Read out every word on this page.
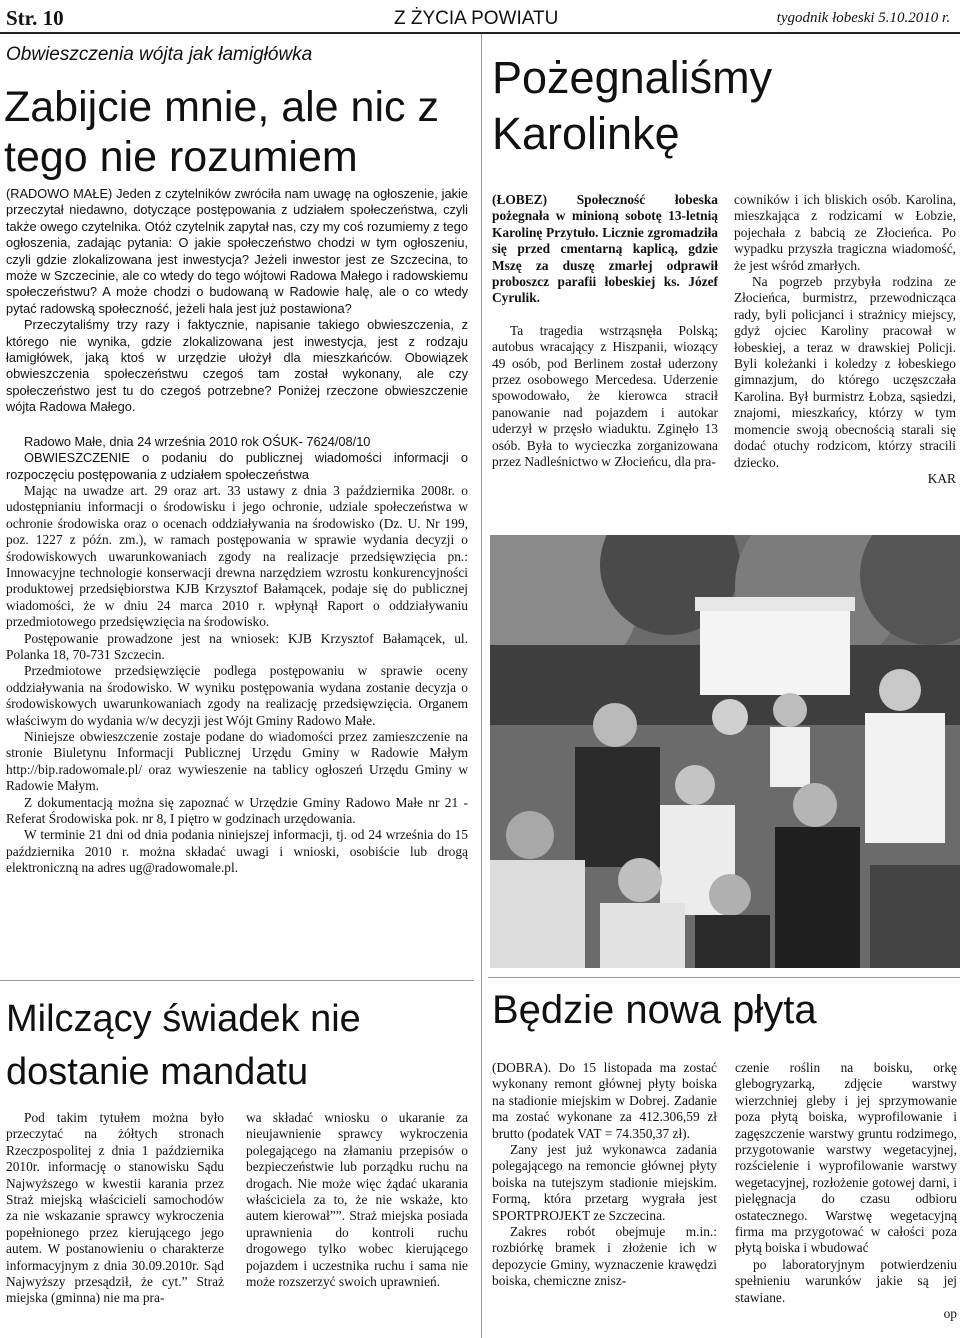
Str. 10	Z ŻYCIA POWIATU	tygodnik łobeski 5.10.2010 r.
Obwieszczenia wójta jak łamigłówka
Zabijcie mnie, ale nic z tego nie rozumiem

(RADOWO MAŁE) Jeden z czytelników zwróciła nam uwagę na ogłoszenie, jakie przeczytał niedawno, dotyczące postępowania z udziałem społeczeństwa, czyli także owego czytelnika. Otóż czytelnik zapytał nas, czy my coś rozumiemy z tego ogłoszenia, zadając pytania: O jakie społeczeństwo chodzi w tym ogłoszeniu, czyli gdzie zlokalizowana jest inwestycja? Jeżeli inwestor jest ze Szczecina, to może w Szczecinie, ale co wtedy do tego wójtowi Radowa Małego i radowskiemu społeczeństwu? A może chodzi o budowaną w Radowie halę, ale o co wtedy pytać radowską społeczność, jeżeli hala jest już postawiona?

Przeczytaliśmy trzy razy i faktycznie, napisanie takiego obwieszczenia, z którego nie wynika, gdzie zlokalizowana jest inwestycja, jest z rodzaju łamigłówek, jaką ktoś w urzędzie ułożył dla mieszkańców. Obowiązek obwieszczenia społeczeństwu czegoś tam został wykonany, ale czy społeczeństwo jest tu do czegoś potrzebne? Poniżej rzeczone obwieszczenie wójta Radowa Małego.

Radowo Małe, dnia 24 września 2010 rok OŚUK- 7624/08/10

OBWIESZCZENIE o podaniu do publicznej wiadomości informacji o rozpoczęciu postępowania z udziałem społeczeństwa

Mając na uwadze art. 29 oraz art. 33 ustawy z dnia 3 października 2008r. o udostępnianiu informacji o środowisku i jego ochronie, udziale społeczeństwa w ochronie środowiska oraz o ocenach oddziaływania na środowisko (Dz. U. Nr 199, poz. 1227 z późn. zm.), w ramach postępowania w sprawie wydania decyzji o środowiskowych uwarunkowaniach zgody na realizacje przedsięwzięcia pn.: Innowacyjne technologie konserwacji drewna narzędziem wzrostu konkurencyjności produktowej przedsiębiorstwa KJB Krzysztof Bałamącek, podaje się do publicznej wiadomości, że w dniu 24 marca 2010 r. wpłynął Raport o oddziaływaniu przedmiotowego przedsięwzięcia na środowisko.

Postępowanie prowadzone jest na wniosek: KJB Krzysztof Bałamącek, ul. Polanka 18, 70-731 Szczecin.

Przedmiotowe przedsięwzięcie podlega postępowaniu w sprawie oceny oddziaływania na środowisko. W wyniku postępowania wydana zostanie decyzja o środowiskowych uwarunkowaniach zgody na realizację przedsięwzięcia. Organem właściwym do wydania w/w decyzji jest Wójt Gminy Radowo Małe.

Niniejsze obwieszczenie zostaje podane do wiadomości przez zamieszczenie na stronie Biuletynu Informacji Publicznej Urzędu Gminy w Radowie Małym http://bip.radowomale.pl/ oraz wywieszenie na tablicy ogłoszeń Urzędu Gminy w Radowie Małym.

Z dokumentacją można się zapoznać w Urzędzie Gminy Radowo Małe nr 21 - Referat Środowiska pok. nr 8, I piętro w godzinach urzędowania.

W terminie 21 dni od dnia podania niniejszej informacji, tj. od 24 września do 15 października 2010 r. można składać uwagi i wnioski, osobiście lub drogą elektroniczną na adres ug@radowomale.pl.

Pożegnaliśmy Karolinkę

(ŁOBEZ) Społeczność łobeska pożegnała w minioną sobotę 13-letnią Karolinę Przytuło. Licznie zgromadziła się przed cmentarną kaplicą, gdzie Mszę za duszę zmarłej odprawił proboszcz parafii łobeskiej ks. Józef Cyrulik.

Ta tragedia wstrząsnęła Polską; autobus wracający z Hiszpanii, wiozący 49 osób, pod Berlinem został uderzony przez osobowego Mercedesa. Uderzenie spowodowało, że kierowca stracił panowanie nad pojazdem i autokar uderzył w przęsło wiaduktu. Zginęło 13 osób. Była to wycieczka zorganizowana przez Nadleśnictwo w Złocieńcu, dla pra-

cowników i ich bliskich osób. Karolina, mieszkająca z rodzicami w Łobzie, pojechała z babcią ze Złocieńca. Po wypadku przyszła tragiczna wiadomość, że jest wśród zmarłych.

Na pogrzeb przybyła rodzina ze Złocieńca, burmistrz, przewodnicząca rady, byli policjanci i strażnicy miejscy, gdyż ojciec Karoliny pracował w łobeskiej, a teraz w drawskiej Policji. Byli koleżanki i koledzy z łobeskiego gimnazjum, do którego uczęszczała Karolina. Był burmistrz Łobza, sąsiedzi, znajomi, mieszkańcy, którzy w tym momencie swoją obecnością starali się dodać otuchy rodzicom, którzy stracili dziecko.

KAR

Milczący świadek nie dostanie mandatu

Pod takim tytułem można było przeczytać na żółtych stronach Rzeczpospolitej z dnia 1 października 2010r. informację o stanowisku Sądu Najwyższego w kwestii karania przez Straż miejską właścicieli samochodów za nie wskazanie sprawcy wykroczenia popełnionego przez kierującego jego autem. W postanowieniu o charakterze informacyjnym z dnia 30.09.2010r. Sąd Najwyższy przesądził, że cyt.” Straż miejska (gminna) nie ma pra-

wa składać wniosku o ukaranie za nieujawnienie sprawcy wykroczenia polegającego na złamaniu przepisów o bezpieczeństwie lub porządku ruchu na drogach. Nie może więc żądać ukarania właściciela za to, że nie wskaże, kto autem kierował””. Straż miejska posiada uprawnienia do kontroli ruchu drogowego tylko wobec kierującego pojazdem i uczestnika ruchu i sama nie może rozszerzyć swoich uprawnień.

Będzie nowa płyta

(DOBRA). Do 15 listopada ma zostać wykonany remont głównej płyty boiska na stadionie miejskim w Dobrej. Zadanie ma zostać wykonane za 412.306,59 zł brutto (podatek VAT = 74.350,37 zł).

Zany jest już wykonawca zadania polegającego na remoncie głównej płyty boiska na tutejszym stadionie miejskim. Formą, która przetarg wygrała jest SPORTPROJEKT ze Szczecina.

Zakres robót obejmuje m.in.: rozbiórkę bramek i złożenie ich w depozycie Gminy, wyznaczenie krawędzi boiska, chemiczne znisz-

czenie roślin na boisku, orkę glebogryzarką, zdjęcie warstwy wierzchniej gleby i jej sprzymowanie poza płytą boiska, wyprofilowanie i zagęszczenie warstwy gruntu rodzimego, przygotowanie warstwy wegetacyjnej, rozścielenie i wyprofilowanie warstwy wegetacyjnej, rozłożenie gotowej darni, i pielęgnacja do czasu odbioru ostatecznego. Warstwę wegetacyjną firma ma przygotować w całości poza płytą boiska i wbudować

po laboratoryjnym potwierdzeniu spełnieniu warunków jakie są jej stawiane.

op
